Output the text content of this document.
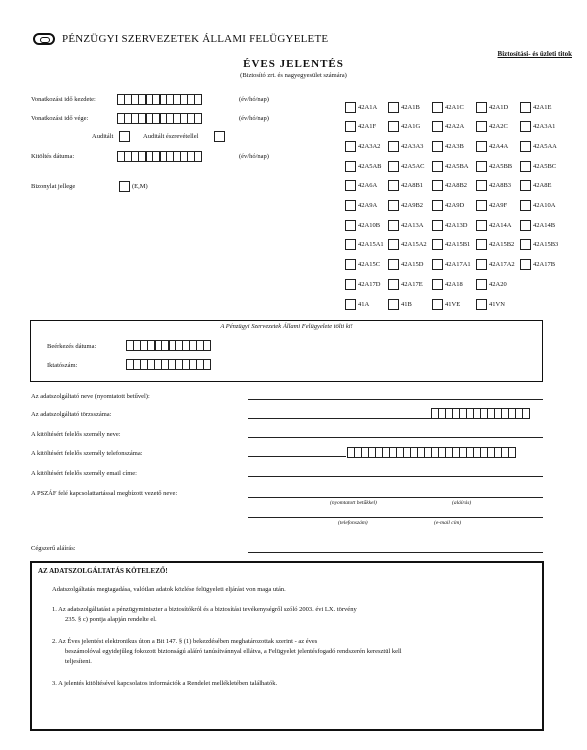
PÉNZÜGYI SZERVEZETEK ÁLLAMI FELÜGYELETE
Biztosítási- és üzleti titok
ÉVES JELENTÉS
(Biztosító zrt. és nagyegyesület számára)
Vonatkozási idő kezdete:	(év/hó/nap)
Vonatkozási idő vége:	(év/hó/nap)
Auditált	Auditált észrevétellel
Kitöltés dátuma:	(év/hó/nap)
Bizonylat jellege	(E,M)
42A1A	42A1B	42A1C	42A1D	42A1E
42A1F	42A1G	42A2A	42A2C	42A3A1
42A3A2	42A3A3	42A3B	42A4A	42A5AA
42A5AB	42A5AC	42A5BA	42A5BB	42A5BC
42A6A	42A8B1	42A8B2	42A8B3	42A8E
42A9A	42A9B2	42A9D	42A9F	42A10A
42A10B	42A13A	42A13D	42A14A	42A14B
42A15A1	42A15A2	42A15B1	42A15B2	42A15B3
42A15C	42A15D	42A17A1	42A17A2	42A17B
42A17D	42A17E	42A18	42A20
41A	41B	41VE	41VN
A Pénzügyi Szervezetek Állami Felügyelete tölti ki!
Beérkezés dátuma:
Iktatószám:
Az adatszolgáltató neve (nyomtatott betűvel):
Az adatszolgáltató törzsszáma:
A kitöltésért felelős személy neve:
A kitöltésért felelős személy telefonszáma:
A kitöltésért felelős személy email címe:
A PSZÁF felé kapcsolattartással megbízott vezető neve:
(nyomtatott betűkkel)	(aláírás)
(telefonszám)	(e-mail cím)
Cégszerű aláírás:
AZ ADATSZOLGÁLTATÁS KÖTELEZŐ!
Adatszolgáltatás megtagadása, valótlan adatok közlése felügyeleti eljárást von maga után.
1. Az adatszolgáltatást a pénzügyminiszter a biztosítókról és a biztosítási tevékenységről szóló 2003. évi LX. törvény
235. § c) pontja alapján rendelte el.
2. Az Éves jelentést elektronikus úton a Bit 147. § (1) bekezdésében meghatározottak szerint - az éves
beszámolóval egyidejűleg fokozott biztonságú aláíró tanúsítvánnyal ellátva, a Felügyelet jelentésfogadó rendszerén keresztül kell
teljesíteni.
3. A jelentés kitöltésével kapcsolatos információk a Rendelet mellékletében találhatók.
